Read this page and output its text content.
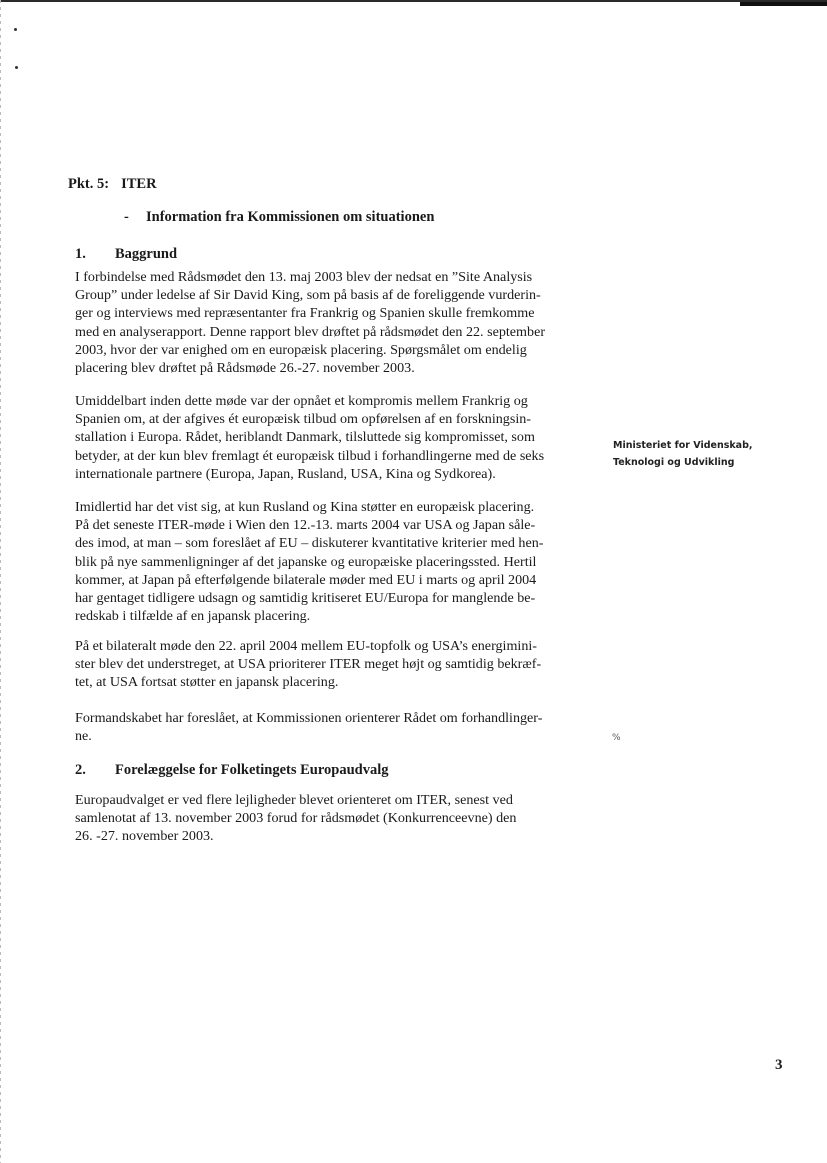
Pkt. 5: ITER
- Information fra Kommissionen om situationen
1. Baggrund

I forbindelse med Rådsmødet den 13. maj 2003 blev der nedsat en ”Site Analysis
Group” under ledelse af Sir David King, som på basis af de foreliggende vurderin-
ger og interviews med repræsentanter fra Frankrig og Spanien skulle fremkomme
med en analyserapport. Denne rapport blev drøftet på rådsmødet den 22. september
2003, hvor der var enighed om en europæisk placering. Spørgsmålet om endelig
placering blev drøftet på Rådsmøde 26.-27. november 2003.

Umiddelbart inden dette møde var der opnået et kompromis mellem Frankrig og
Spanien om, at der afgives ét europæisk tilbud om opførelsen af en forskningsin-
stallation i Europa. Rådet, heriblandt Danmark, tilsluttede sig kompromisset, som
betyder, at der kun blev fremlagt ét europæisk tilbud i forhandlingerne med de seks
internationale partnere (Europa, Japan, Rusland, USA, Kina og Sydkorea).

Imidlertid har det vist sig, at kun Rusland og Kina støtter en europæisk placering.
På det seneste ITER-møde i Wien den 12.-13. marts 2004 var USA og Japan såle-
des imod, at man – som foreslået af EU – diskuterer kvantitative kriterier med hen-
blik på nye sammenligninger af det japanske og europæiske placeringssted. Hertil
kommer, at Japan på efterfølgende bilaterale møder med EU i marts og april 2004
har gentaget tidligere udsagn og samtidig kritiseret EU/Europa for manglende be-
redskab i tilfælde af en japansk placering.

På et bilateralt møde den 22. april 2004 mellem EU-topfolk og USA’s energimini-
ster blev det understreget, at USA prioriterer ITER meget højt og samtidig bekræf-
tet, at USA fortsat støtter en japansk placering.

Formandskabet har foreslået, at Kommissionen orienterer Rådet om forhandlinger-
ne.

2. Forelæggelse for Folketingets Europaudvalg

Europaudvalget er ved flere lejligheder blevet orienteret om ITER, senest ved
samlenotat af 13. november 2003 forud for rådsmødet (Konkurrenceevne) den
26. -27. november 2003.

Ministeriet for Videnskab,
Teknologi og Udvikling
%
3
